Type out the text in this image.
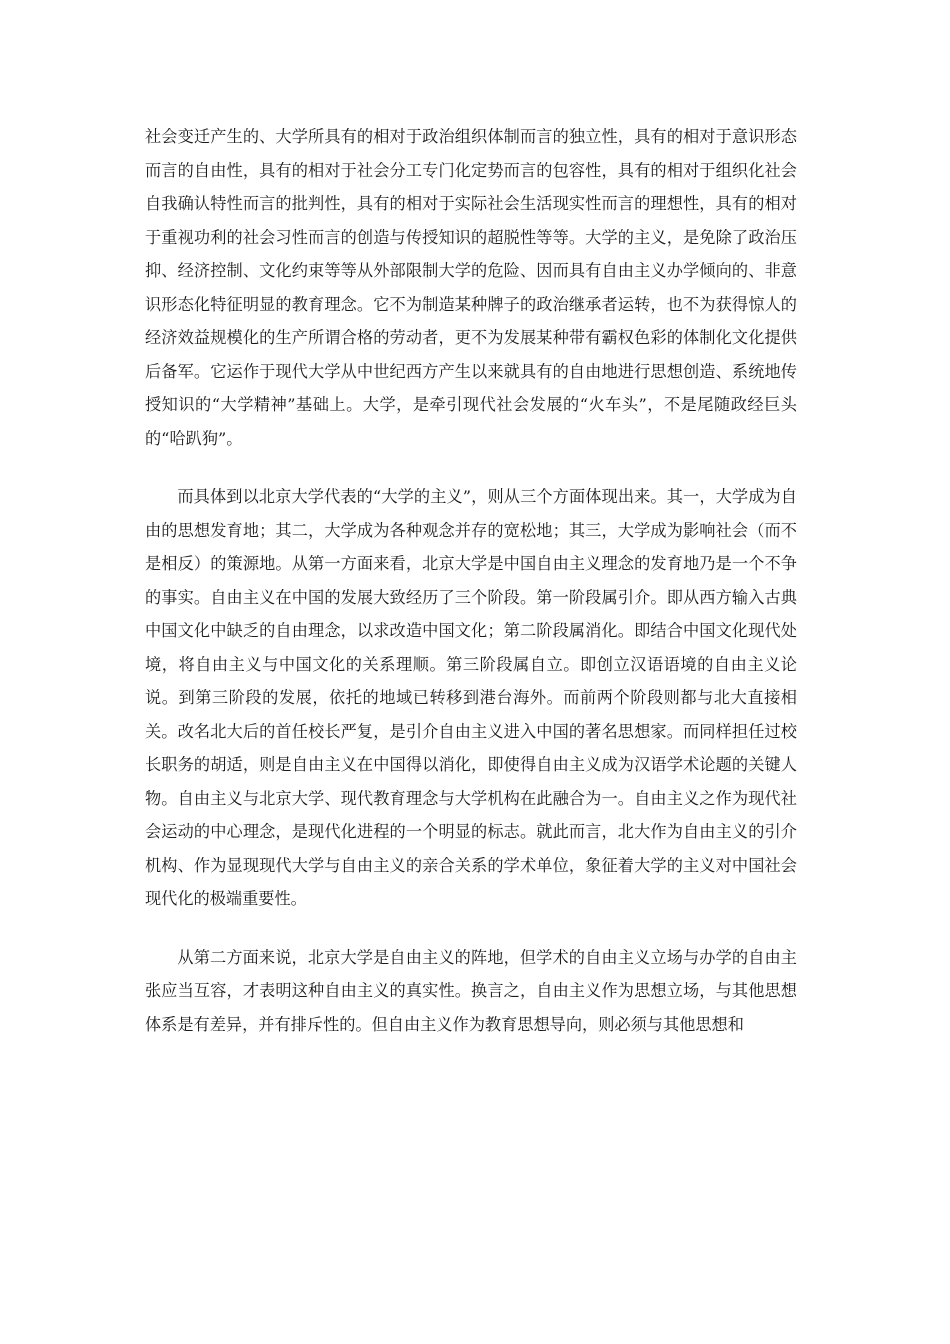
社会变迁产生的、大学所具有的相对于政治组织体制而言的独立性，具有的相对于意识形态而言的自由性，具有的相对于社会分工专门化定势而言的包容性，具有的相对于组织化社会自我确认特性而言的批判性，具有的相对于实际社会生活现实性而言的理想性，具有的相对于重视功利的社会习性而言的创造与传授知识的超脱性等等。大学的主义，是免除了政治压抑、经济控制、文化约束等等从外部限制大学的危险、因而具有自由主义办学倾向的、非意识形态化特征明显的教育理念。它不为制造某种牌子的政治继承者运转，也不为获得惊人的经济效益规模化的生产所谓合格的劳动者，更不为发展某种带有霸权色彩的体制化文化提供后备军。它运作于现代大学从中世纪西方产生以来就具有的自由地进行思想创造、系统地传授知识的“大学精神”基础上。大学，是牵引现代社会发展的“火车头”，不是尾随政经巨头的“哈趴狗”。

而具体到以北京大学代表的“大学的主义”，则从三个方面体现出来。其一，大学成为自由的思想发育地；其二，大学成为各种观念并存的宽松地；其三，大学成为影响社会（而不是相反）的策源地。从第一方面来看，北京大学是中国自由主义理念的发育地乃是一个不争的事实。自由主义在中国的发展大致经历了三个阶段。第一阶段属引介。即从西方输入古典中国文化中缺乏的自由理念，以求改造中国文化；第二阶段属消化。即结合中国文化现代处境，将自由主义与中国文化的关系理顺。第三阶段属自立。即创立汉语语境的自由主义论说。到第三阶段的发展，依托的地域已转移到港台海外。而前两个阶段则都与北大直接相关。改名北大后的首任校长严复，是引介自由主义进入中国的著名思想家。而同样担任过校长职务的胡适，则是自由主义在中国得以消化，即使得自由主义成为汉语学术论题的关键人物。自由主义与北京大学、现代教育理念与大学机构在此融合为一。自由主义之作为现代社会运动的中心理念，是现代化进程的一个明显的标志。就此而言，北大作为自由主义的引介机构、作为显现现代大学与自由主义的亲合关系的学术单位，象征着大学的主义对中国社会现代化的极端重要性。

从第二方面来说，北京大学是自由主义的阵地，但学术的自由主义立场与办学的自由主张应当互容，才表明这种自由主义的真实性。换言之，自由主义作为思想立场，与其他思想体系是有差异，并有排斥性的。但自由主义作为教育思想导向，则必须与其他思想和
